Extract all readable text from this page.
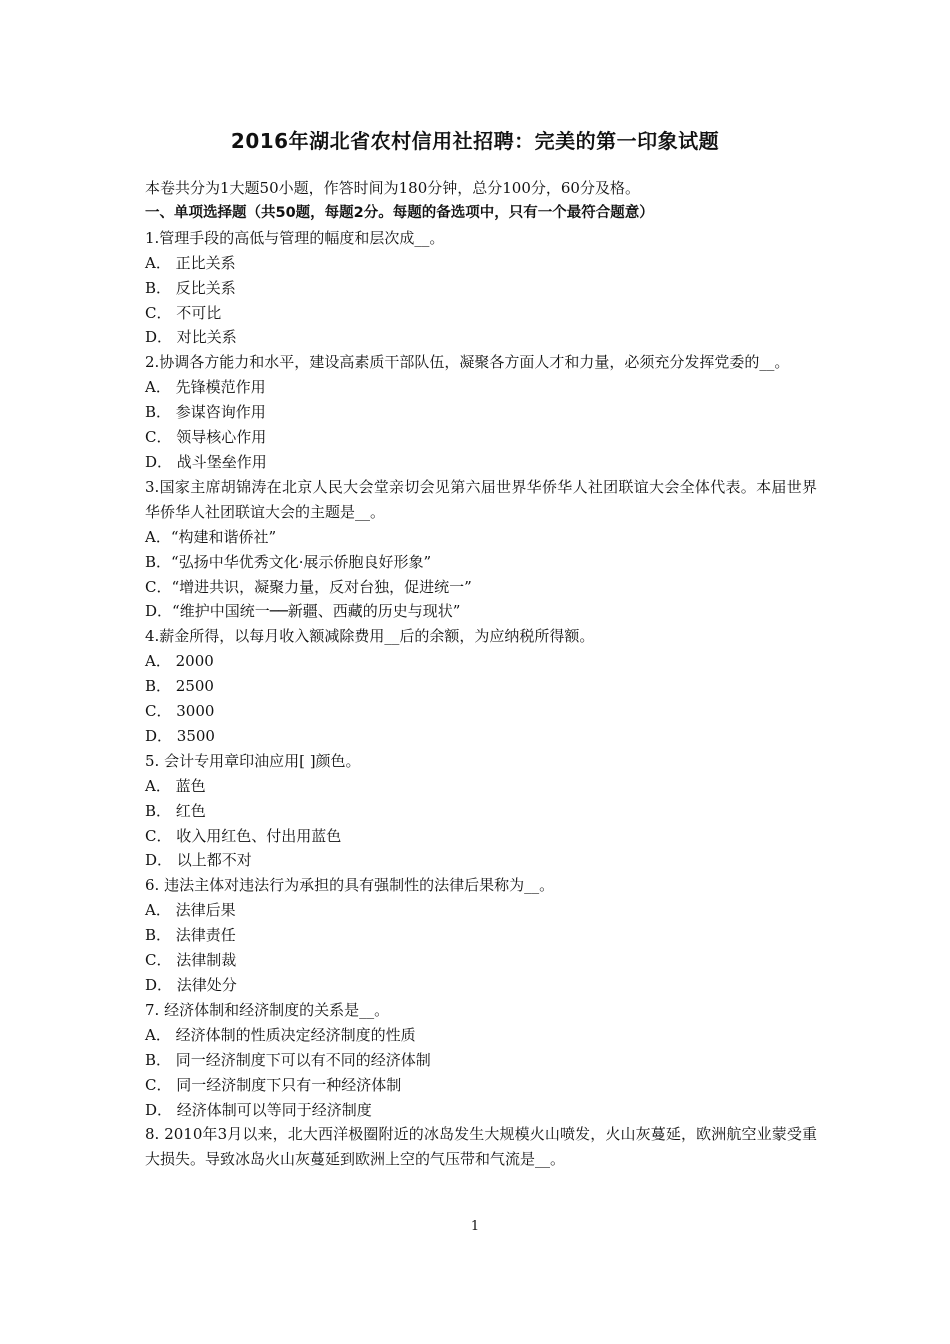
2016年湖北省农村信用社招聘：完美的第一印象试题
本卷共分为1大题50小题，作答时间为180分钟，总分100分，60分及格。
一、单项选择题（共50题，每题2分。每题的备选项中，只有一个最符合题意）
1.管理手段的高低与管理的幅度和层次成__。
A． 正比关系
B． 反比关系
C． 不可比
D． 对比关系
2.协调各方能力和水平，建设高素质干部队伍，凝聚各方面人才和力量，必须充分发挥党委的__。
A． 先锋模范作用
B． 参谋咨询作用
C． 领导核心作用
D． 战斗堡垒作用
3.国家主席胡锦涛在北京人民大会堂亲切会见第六届世界华侨华人社团联谊大会全体代表。本届世界华侨华人社团联谊大会的主题是__。
A．“构建和谐侨社”
B．“弘扬中华优秀文化·展示侨胞良好形象”
C．“增进共识，凝聚力量，反对台独，促进统一”
D．“维护中国统一──新疆、西藏的历史与现状”
4.薪金所得，以每月收入额减除费用__后的余额，为应纳税所得额。
A． 2000
B． 2500
C． 3000
D． 3500
5. 会计专用章印油应用[ ]颜色。
A． 蓝色
B． 红色
C． 收入用红色、付出用蓝色
D． 以上都不对
6. 违法主体对违法行为承担的具有强制性的法律后果称为__。
A． 法律后果
B． 法律责任
C． 法律制裁
D． 法律处分
7. 经济体制和经济制度的关系是__。
A． 经济体制的性质决定经济制度的性质
B． 同一经济制度下可以有不同的经济体制
C． 同一经济制度下只有一种经济体制
D． 经济体制可以等同于经济制度
8. 2010年3月以来，北大西洋极圈附近的冰岛发生大规模火山喷发，火山灰蔓延，欧洲航空业蒙受重大损失。导致冰岛火山灰蔓延到欧洲上空的气压带和气流是__。
1
